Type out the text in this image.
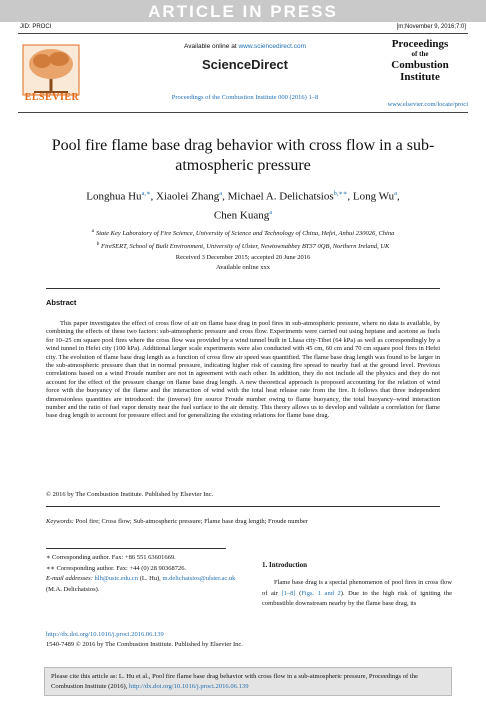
ARTICLE IN PRESS
JID: PROCI	[m;November 9, 2016;7:0]
ELSEVIER
Available online at www.sciencedirect.com
ScienceDirect
Proceedings of the Combustion Institute 000 (2016) 1–8
Proceedings
of the
Combustion
Institute
www.elsevier.com/locate/proci
Pool fire flame base drag behavior with cross flow in a sub-atmospheric pressure
Longhua Hu$^{a,∗}$, Xiaolei Zhang$^a$, Michael A. Delichatsios$^{b,∗∗}$, Long Wu$^a$,
Chen Kuang$^a$
$^a$ State Key Laboratory of Fire Science, University of Science and Technology of China, Hefei, Anhui 230026, China
$^b$ FireSERT, School of Built Environment, University of Ulster, Newtownabbey BT37 0QB, Northern Ireland, UK
Received 3 December 2015; accepted 20 June 2016
Available online xxx
Abstract
This paper investigates the effect of cross flow of air on flame base drag in pool fires in sub-atmospheric pressure, where no data is available, by combining the effects of these two factors: sub-atmospheric pressure and cross flow. Experiments were carried out using heptane and acetone as fuels for 10–25 cm square pool fires where the cross flow was provided by a wind tunnel built in Lhasa city-Tibet (64 kPa) as well as correspondingly by a wind tunnel in Hefei city (100 kPa). Additional larger scale experiments were also conducted with 45 cm, 60 cm and 70 cm square pool fires in Hefei city. The evolution of flame base drag length as a function of cross flow air speed was quantified. The flame base drag length was found to be larger in the sub-atmospheric pressure than that in normal pressure, indicating higher risk of causing fire spread to nearby fuel at the ground level. Previous correlations based on a wind Froude number are not in agreement with each other. In addition, they do not include all the physics and they do not account for the effect of the pressure change on flame base drag length. A new theoretical approach is proposed accounting for the relation of wind force with the buoyancy of the flame and the interaction of wind with the total heat release rate from the fire. It follows that three independent dimensionless quantities are introduced: the (inverse) fire source Froude number owing to flame buoyancy, the total buoyancy–wind interaction number and the ratio of fuel vapor density near the fuel surface to the air density. This theory allows us to develop and validate a correlation for flame base drag length to account for pressure effect and for generalizing the existing relations for flame base drag.
© 2016 by The Combustion Institute. Published by Elsevier Inc.
Keywords: Pool fire; Cross flow; Sub-atmospheric pressure; Flame base drag length; Froude number
∗ Corresponding author. Fax: +86 551 63601669.
∗∗ Corresponding author. Fax: +44 (0) 28 90368726.
E-mail addresses: hlh@ustc.edu.cn (L. Hu), m.delichatsios@ulster.ac.uk (M.A. Delichatsios).
1. Introduction
Flame base drag is a special phenomenon of pool fires in cross flow of air [1–8] (Figs. 1 and 2). Due to the high risk of igniting the combustible downstream nearby by the flame base drag, its
http://dx.doi.org/10.1016/j.proci.2016.06.139
1540-7489 © 2016 by The Combustion Institute. Published by Elsevier Inc.
Please cite this article as: L. Hu et al., Pool fire flame base drag behavior with cross flow in a sub-atmospheric pressure, Proceedings of the Combustion Institute (2016), http://dx.doi.org/10.1016/j.proci.2016.06.139
